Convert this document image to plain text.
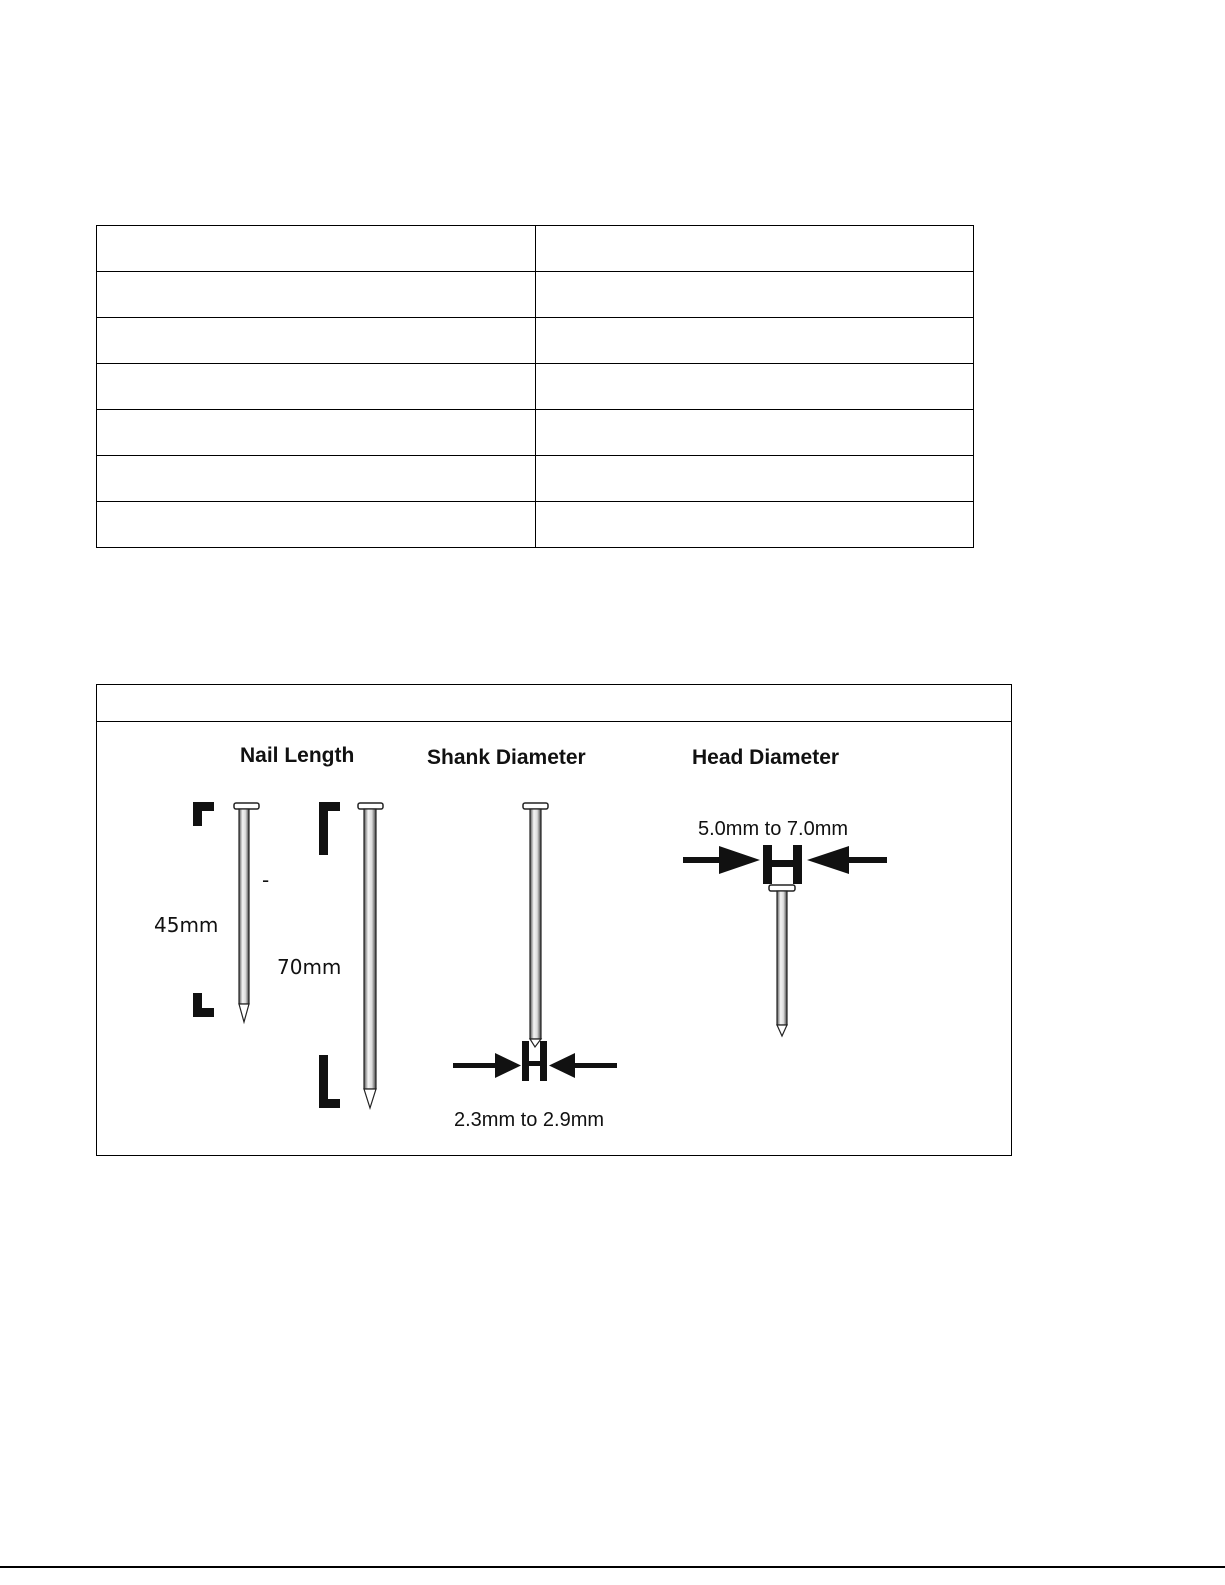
Nail Length	Shank Diameter	Head Diameter
45mm
-
70mm
2.3mm to 2.9mm
5.0mm to 7.0mm
